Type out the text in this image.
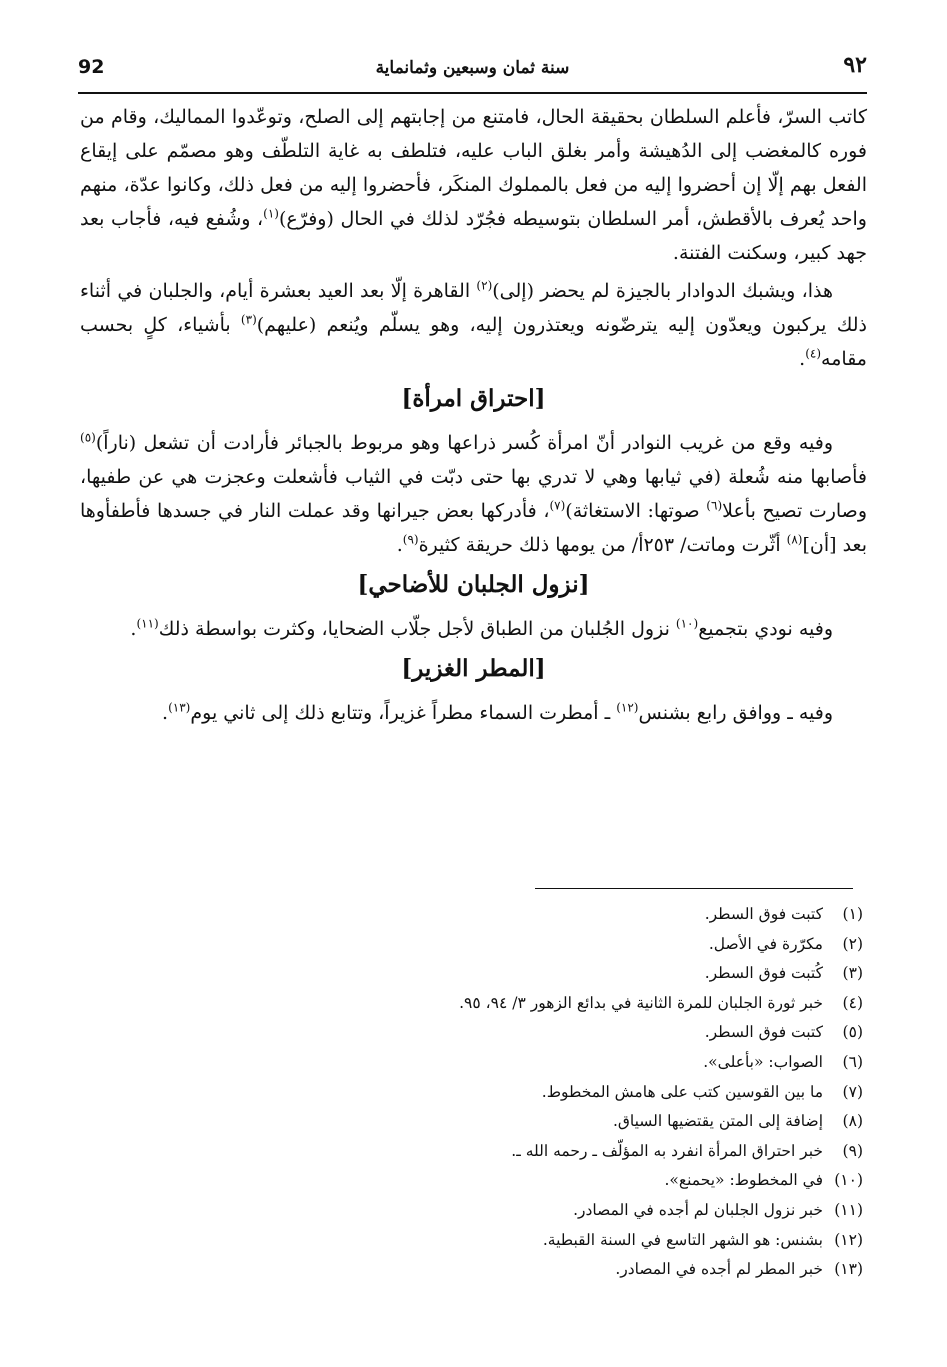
92	سنة ثمان وسبعين وثمانماية	٩٢

كاتب السرّ، فأعلم السلطان بحقيقة الحال، فامتنع من إجابتهم إلى الصلح، وتوعّدوا المماليك، وقام من فوره كالمغضب إلى الدُهيشة وأمر بغلق الباب عليه، فتلطف به غاية التلطّف وهو مصمّم على إيقاع الفعل بهم إلّا إن أحضروا إليه من فعل بالمملوك المنكَر، فأحضروا إليه من فعل ذلك، وكانوا عدّة، منهم واحد يُعرف بالأقطش، أمر السلطان بتوسيطه فجُرّد لذلك في الحال (وفرّع)$^{(١)}$، وشُفع فيه، فأجاب بعد جهد كبير، وسكنت الفتنة.

هذا، ويشبك الدوادار بالجيزة لم يحضر (إلى)$^{(٢)}$ القاهرة إلّا بعد العيد بعشرة أيام، والجلبان في أثناء ذلك يركبون ويعدّون إليه يترضّونه ويعتذرون إليه، وهو يسلّم ويُنعم (عليهم)$^{(٣)}$ بأشياء، كلٍ بحسب مقامه$^{(٤)}$.

[احتراق امرأة]

وفيه وقع من غريب النوادر أنّ امرأة كُسر ذراعها وهو مربوط بالجبائر فأرادت أن تشعل (ناراً)$^{(٥)}$ فأصابها منه شُعلة (في ثيابها وهي لا تدري بها حتى دبّت في الثياب فأشعلت وعجزت هي عن طفيها، وصارت تصيح بأعلا$^{(٦)}$ صوتها: الاستغاثة)$^{(٧)}$، فأدركها بعض جيرانها وقد عملت النار في جسدها فأطفأوها بعد [أن]$^{(٨)}$ أثّرت وماتت/ ٢٥٣أ/ من يومها ذلك حريقة كثيرة$^{(٩)}$.

[نزول الجلبان للأضاحي]

وفيه نودي بتجميع$^{(١٠)}$ نزول الجُلبان من الطباق لأجل جلّاب الضحايا، وكثرت بواسطة ذلك$^{(١١)}$.

[المطر الغزير]

وفيه ـ ووافق رابع بشنس$^{(١٢)}$ ـ أمطرت السماء مطراً غزيراً، وتتابع ذلك إلى ثاني يوم$^{(١٣)}$.

(١)كتبت فوق السطر.
(٢)مكرّرة في الأصل.
(٣)كُتبت فوق السطر.
(٤)خبر ثورة الجلبان للمرة الثانية في بدائع الزهور ٣/ ٩٤، ٩٥.
(٥)كتبت فوق السطر.
(٦)الصواب: «بأعلى».
(٧)ما بين القوسين كتب على هامش المخطوط.
(٨)إضافة إلى المتن يقتضيها السياق.
(٩)خبر احتراق المرأة انفرد به المؤلّف ـ رحمه الله ـ.
(١٠)في المخطوط: «يحمنع».
(١١)خبر نزول الجلبان لم أجده في المصادر.
(١٢)بشنس: هو الشهر التاسع في السنة القبطية.
(١٣)خبر المطر لم أجده في المصادر.
